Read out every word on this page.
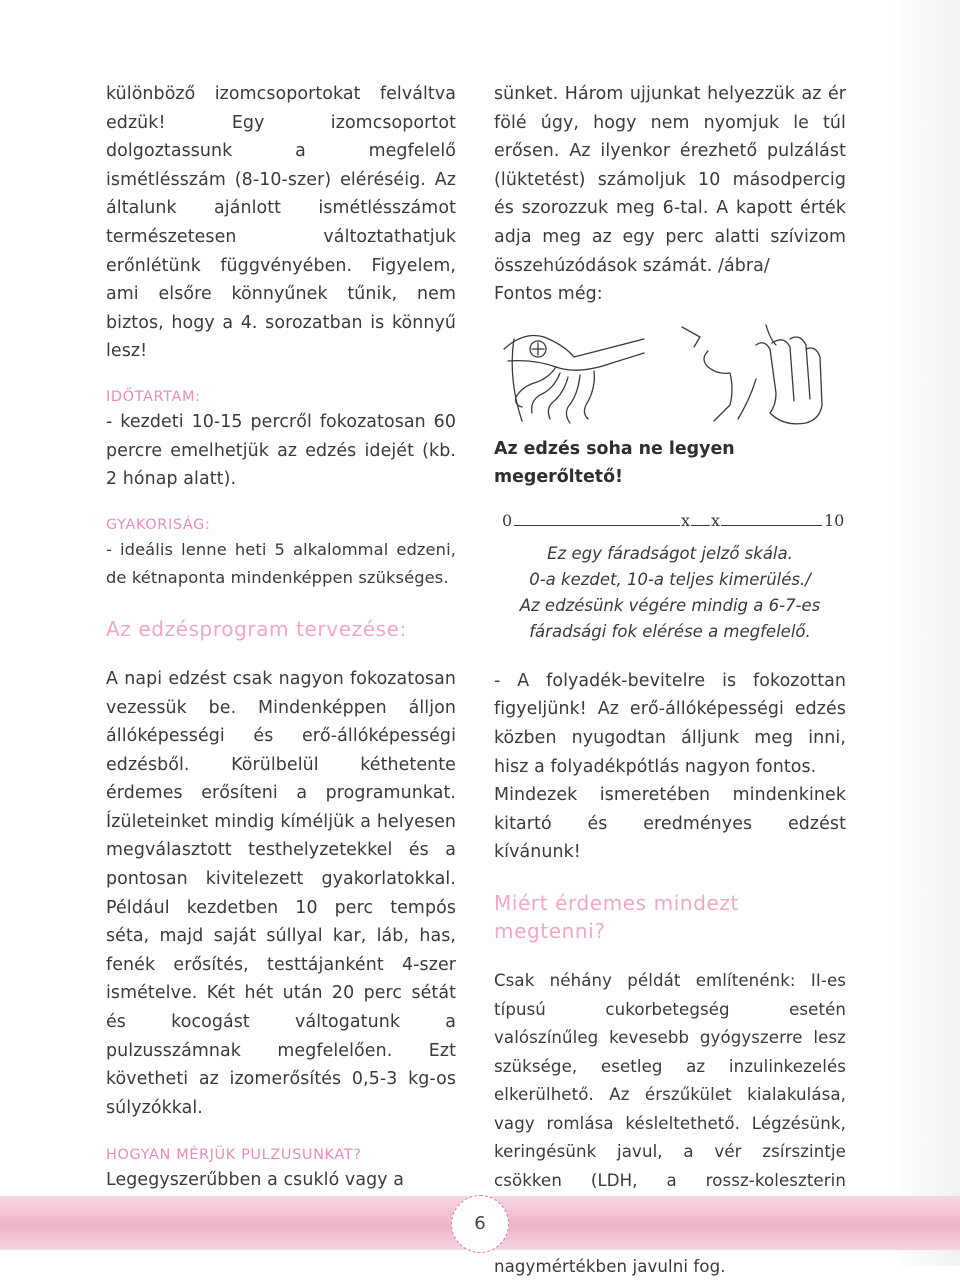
különböző izomcsoportokat felváltva edzük! Egy izomcsoportot dolgoztassunk a megfelelő ismétlésszám (8-10-szer) eléréséig. Az általunk ajánlott ismétlésszámot természetesen változtathatjuk erőnlétünk függvényében. Figyelem, ami elsőre könnyűnek tűnik, nem biztos, hogy a 4. sorozatban is könnyű lesz!

IDŐTARTAM:

- kezdeti 10-15 percről fokozatosan 60 percre emelhetjük az edzés idejét (kb. 2 hónap alatt).

GYAKORISÁG:

- ideális lenne heti 5 alkalommal edzeni, de kétnaponta mindenképpen szükséges.

Az edzésprogram tervezése:

A napi edzést csak nagyon fokozatosan vezessük be. Mindenképpen álljon állóképességi és erő-állóképességi edzésből. Körülbelül kéthetente érdemes erősíteni a programunkat. Ízületeinket mindig kíméljük a helyesen megválasztott testhelyzetekkel és a pontosan kivitelezett gyakorlatokkal. Például kezdetben 10 perc tempós séta, majd saját súllyal kar, láb, has, fenék erősítés, testtájanként 4-szer ismételve. Két hét után 20 perc sétát és kocogást váltogatunk a pulzusszámnak megfelelően. Ezt követheti az izomerősítés 0,5-3 kg-os súlyzókkal.

HOGYAN MÉRJÜK PULZUSUNKAT?

Legegyszerűbben a csukló vagy a

sünket. Három ujjunkat helyezzük az ér fölé úgy, hogy nem nyomjuk le túl erősen. Az ilyenkor érezhető pulzálást (lüktetést) számoljuk 10 másodpercig és szorozzuk meg 6-tal. A kapott érték adja meg az egy perc alatti szívizom összehúzódások számát. /ábra/

Fontos még:

Az edzés soha ne legyen megerőltető!

0	x x	10

Ez egy fáradságot jelző skála.

0-a kezdet, 10-a teljes kimerülés./

Az edzésünk végére mindig a 6-7-es

fáradsági fok elérése a megfelelő.

- A folyadék-bevitelre is fokozottan figyeljünk! Az erő-állóképességi edzés közben nyugodtan álljunk meg inni, hisz a folyadékpótlás nagyon fontos.

Mindezek ismeretében mindenkinek kitartó és eredményes edzést kívánunk!

Miért érdemes mindezt megtenni?

Csak néhány példát említenénk: II-es típusú cukorbetegség esetén valószínűleg kevesebb gyógyszerre lesz szüksége, esetleg az inzulinkezelés elkerülhető. Az érszűkület kialakulása, vagy romlása késleltethető. Légzésünk, keringésünk javul, a vér zsírszintje csökken (LDH, a rossz-koleszterin nagymértékben javulni fog.

6
